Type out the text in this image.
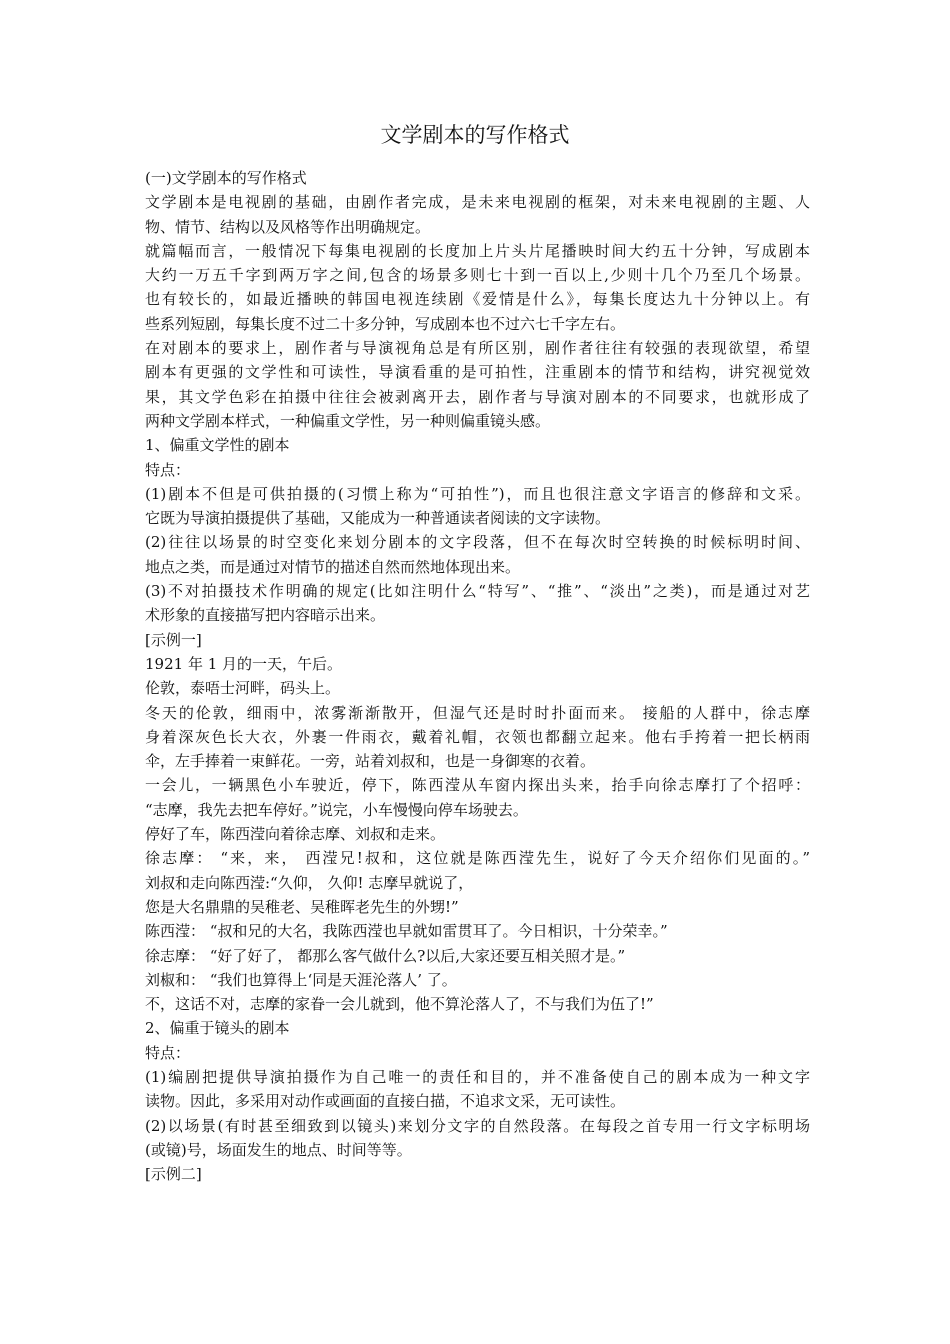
文学剧本的写作格式

(一)文学剧本的写作格式

文学剧本是电视剧的基础，由剧作者完成，是未来电视剧的框架，对未来电视剧的主题、人

物、情节、结构以及风格等作出明确规定。

就篇幅而言，一般情况下每集电视剧的长度加上片头片尾播映时间大约五十分钟，写成剧本

大约一万五千字到两万字之间,包含的场景多则七十到一百以上,少则十几个乃至几个场景。

也有较长的，如最近播映的韩国电视连续剧《爱情是什么》，每集长度达九十分钟以上。有

些系列短剧，每集长度不过二十多分钟，写成剧本也不过六七千字左右。

在对剧本的要求上，剧作者与导演视角总是有所区别，剧作者往往有较强的表现欲望，希望

剧本有更强的文学性和可读性，导演看重的是可拍性，注重剧本的情节和结构，讲究视觉效

果，其文学色彩在拍摄中往往会被剥离开去，剧作者与导演对剧本的不同要求，也就形成了

两种文学剧本样式，一种偏重文学性，另一种则偏重镜头感。

1、偏重文学性的剧本

特点：

(1)剧本不但是可供拍摄的(习惯上称为“可拍性”)，而且也很注意文字语言的修辞和文采。

它既为导演拍摄提供了基础，又能成为一种普通读者阅读的文字读物。

(2)往往以场景的时空变化来划分剧本的文字段落，但不在每次时空转换的时候标明时间、

地点之类，而是通过对情节的描述自然而然地体现出来。

(3)不对拍摄技术作明确的规定(比如注明什么“特写”、“推”、“淡出”之类)，而是通过对艺

术形象的直接描写把内容暗示出来。

[示例一]

1921 年 1 月的一天，午后。

伦敦，泰唔士河畔，码头上。

冬天的伦敦，细雨中，浓雾渐渐散开，但湿气还是时时扑面而来。 接船的人群中，徐志摩

身着深灰色长大衣，外裹一件雨衣，戴着礼帽，衣领也都翻立起来。他右手挎着一把长柄雨

伞，左手捧着一束鲜花。一旁，站着刘叔和，也是一身御寒的衣着。

一会儿，一辆黑色小车驶近，停下，陈西滢从车窗内探出头来，抬手向徐志摩打了个招呼：

“志摩，我先去把车停好。”说完，小车慢慢向停车场驶去。

停好了车，陈西滢向着徐志摩、刘叔和走来。

徐志摩： “来，来， 西滢兄!叔和，这位就是陈西滢先生，说好了今天介绍你们见面的。”

刘叔和走向陈西滢:“久仰， 久仰! 志摩早就说了，

您是大名鼎鼎的吴稚老、吴稚晖老先生的外甥!”

陈西滢： “叔和兄的大名，我陈西滢也早就如雷贯耳了。今日相识，十分荣幸。”

徐志摩： “好了好了， 都那么客气做什么?以后,大家还要互相关照才是。”

刘椒和： “我们也算得上‘同是天涯沦落人’ 了。

不，这话不对，志摩的家眷一会儿就到，他不算沦落人了，不与我们为伍了!”

2、偏重于镜头的剧本

特点：

(1)编剧把提供导演拍摄作为自己唯一的责任和目的，并不准备使自己的剧本成为一种文字

读物。因此，多采用对动作或画面的直接白描，不追求文采，无可读性。

(2)以场景(有时甚至细致到以镜头)来划分文字的自然段落。在每段之首专用一行文字标明场

(或镜)号，场面发生的地点、时间等等。

[示例二]
